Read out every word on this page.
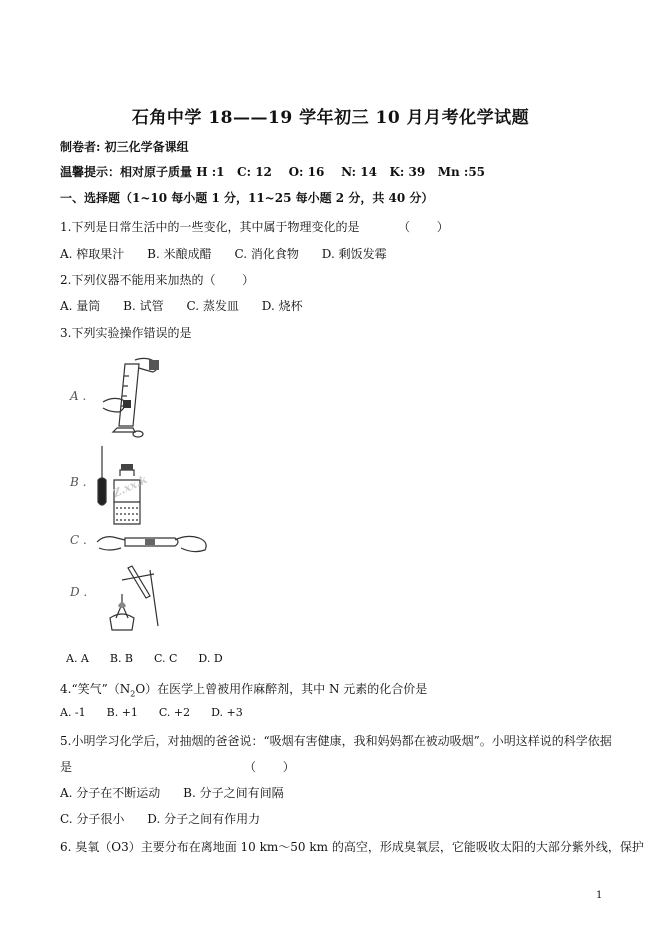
石角中学 18——19 学年初三 10 月月考化学试题
制卷者: 初三化学备课组
温馨提示：相对原子质量 H :1   C: 12    O: 16    N: 14   K: 39   Mn :55
一、选择题（1~10 每小题 1 分，11~25 每小题 2 分，共 40 分）
1.下列是日常生活中的一些变化，其中属于物理变化的是	（       ）
A. 榨取果汁      B. 米酿成醋      C. 消化食物      D. 剩饭发霉
2.下列仪器不能用来加热的（       ）
A. 量筒      B. 试管      C. 蒸发皿      D. 烧杯
3.下列实验操作错误的是
A .
B .
C .
D .
Z.xx.k
A. A      B. B      C. C      D. D
4.“笑气$”(N_2O)$在医学上曾被用作麻醉剂，其中 N 元素的化合价是
A. -1      B. +1      C. +2      D. +3
5.小明学习化学后，对抽烟的爸爸说：“吸烟有害健康，我和妈妈都在被动吸烟”。小明这样说的科学依据
是	（       ）
A. 分子在不断运动      B. 分子之间有间隔
C. 分子很小      D. 分子之间有作用力
6. 臭氧（O3）主要分布在离地面 10 km～50 km 的高空，形成臭氧层，它能吸收太阳的大部分紫外线，保护
1
